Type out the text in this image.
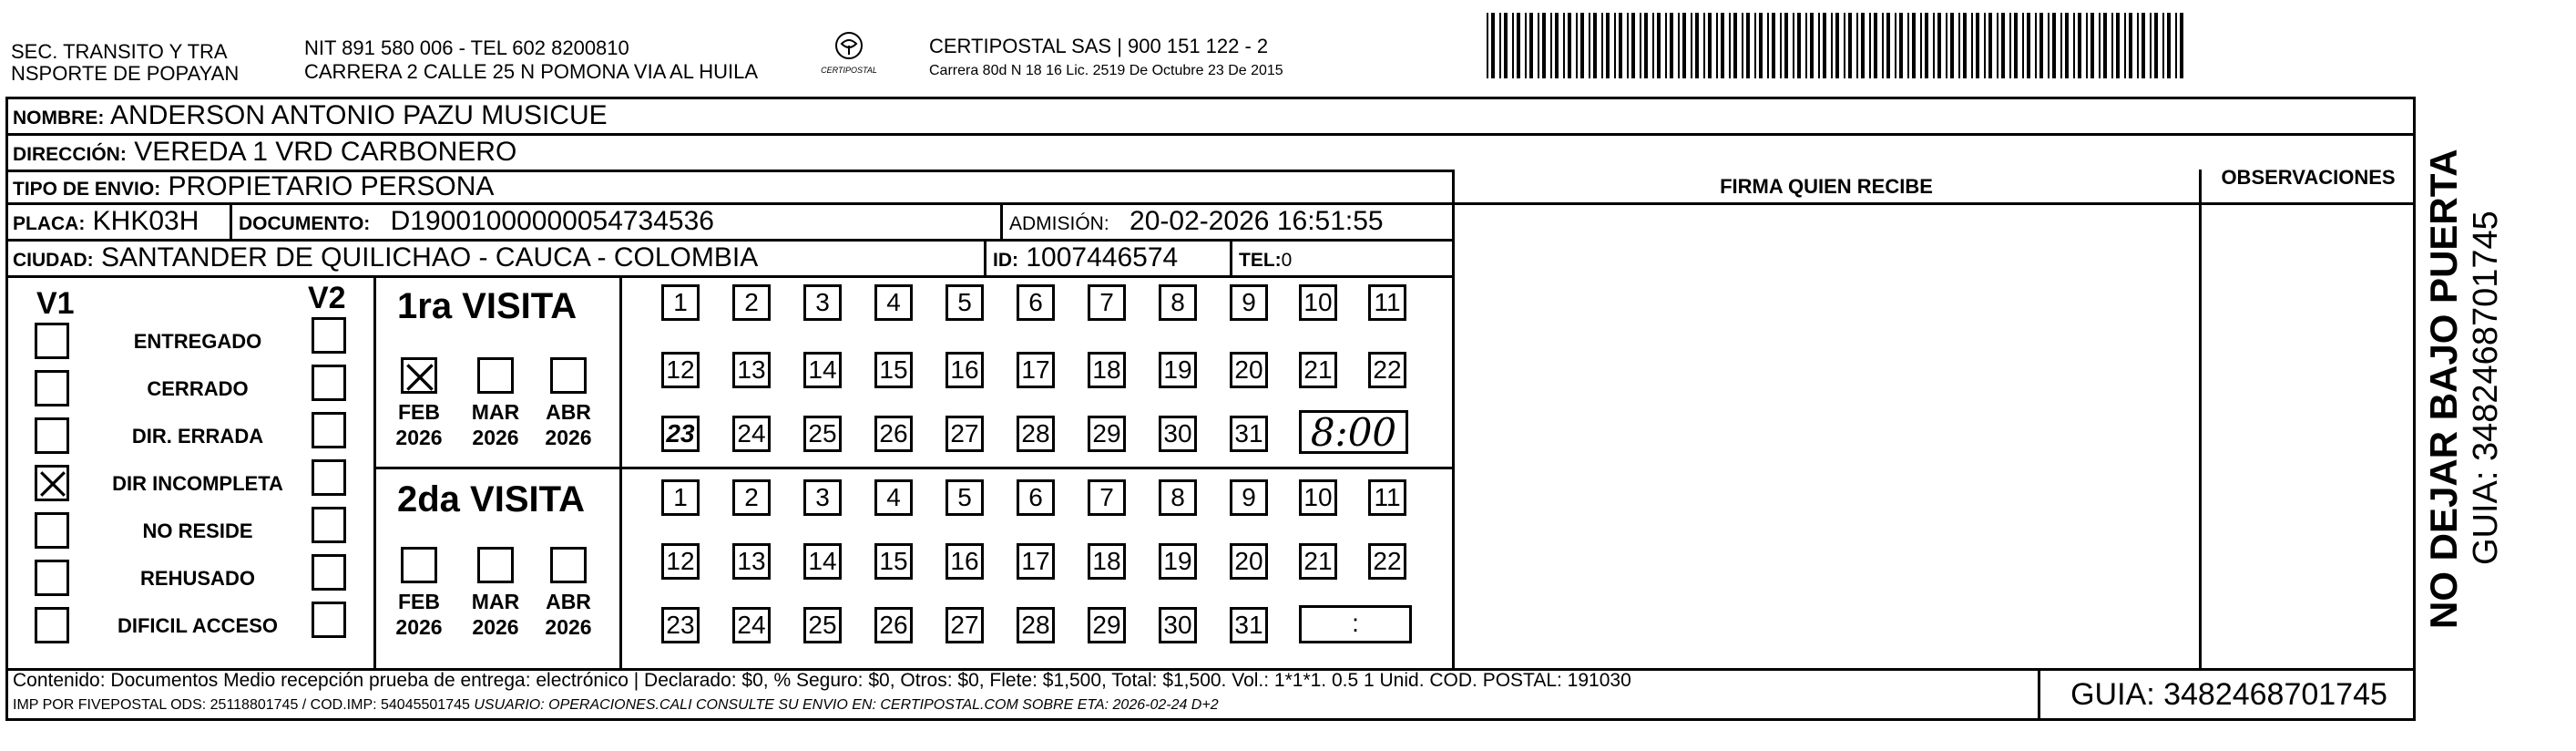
SEC. TRANSITO Y TRA
NSPORTE DE POPAYAN
NIT 891 580 006 - TEL 602 8200810
CARRERA 2 CALLE 25 N POMONA VIA AL HUILA	CERTIPOSTAL
CERTIPOSTAL SAS | 900 151 122 - 2
Carrera 80d N 18 16 Lic. 2519 De Octubre 23 De 2015
NOMBRE: ANDERSON ANTONIO PAZU MUSICUE
DIRECCIÓN: VEREDA 1 VRD CARBONERO
TIPO DE ENVIO: PROPIETARIO PERSONA	FIRMA QUIEN RECIBE	OBSERVACIONES
PLACA: KHK03H DOCUMENTO: D19001000000054734536	ADMISIÓN: 20-02-2026 16:51:55
CIUDAD: SANTANDER DE QUILICHAO - CAUCA - COLOMBIA	ID: 1007446574	TEL:0
V1	V2
ENTREGADO
CERRADO
DIR. ERRADA
DIR INCOMPLETA
NO RESIDE
REHUSADO
DIFICIL ACCESO
1ra VISITA
2da VISITA
FEB
2026
MAR
2026
ABR
2026
FEB
2026
MAR
2026
ABR
2026
1	2	3	4	5	6	7	8	9	10 11
12 13 14 15 16 17 18 19 20 21 22
23 24 25 26 27 28 29 30 31
1	2	3	4	5	6	7	8	9	10 11
12 13 14 15 16 17 18 19 20 21 22
23 24 25 26 27 28 29 30 31
8:00
:
Contenido: Documentos Medio recepción prueba de entrega: electrónico | Declarado: $0, % Seguro: $0, Otros: $0, Flete: $1,500, Total: $1,500. Vol.: 1*1*1. 0.5 1 Unid. COD. POSTAL: 191030
IMP POR FIVEPOSTAL ODS: 25118801745 / COD.IMP: 54045501745 USUARIO: OPERACIONES.CALI CONSULTE SU ENVIO EN: CERTIPOSTAL.COM SOBRE ETA: 2026-02-24 D+2	GUIA: 3482468701745
NO DEJAR BAJO PUERTA GUIA: 3482468701745
